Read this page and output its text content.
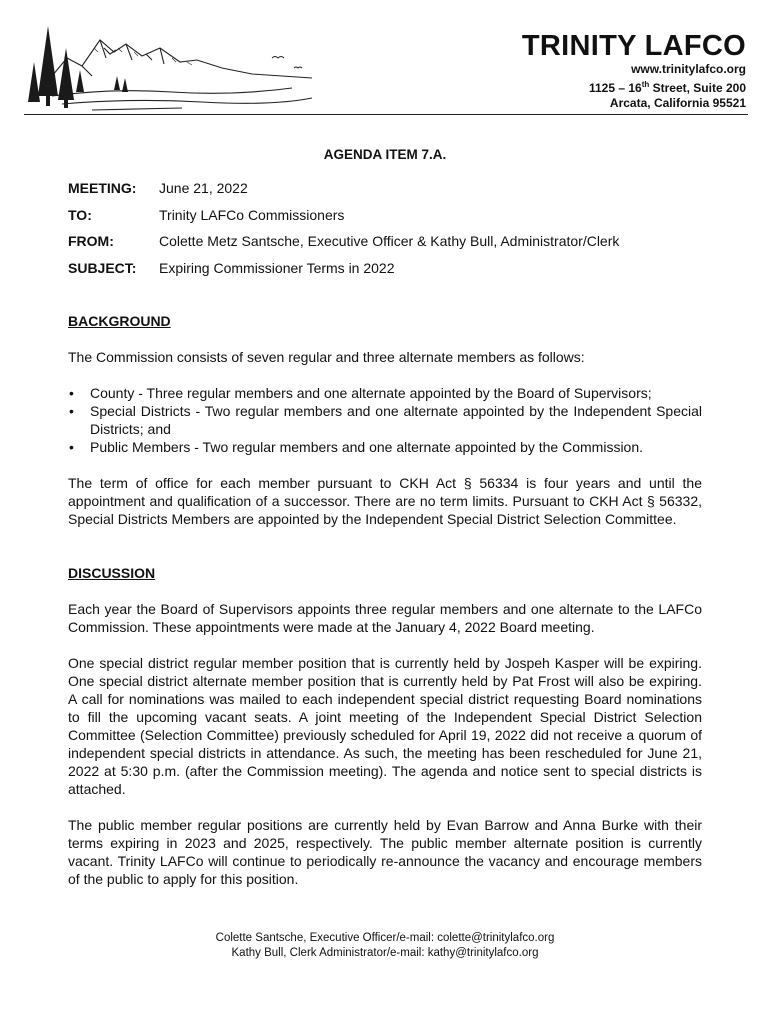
TRINITY LAFCO
www.trinitylafco.org
1125 – 16th Street, Suite 200
Arcata, California 95521
AGENDA ITEM 7.A.
MEETING:	June 21, 2022
TO:	Trinity LAFCo Commissioners
FROM:	Colette Metz Santsche, Executive Officer & Kathy Bull, Administrator/Clerk
SUBJECT:	Expiring Commissioner Terms in 2022
BACKGROUND
The Commission consists of seven regular and three alternate members as follows:
• County - Three regular members and one alternate appointed by the Board of Supervisors;
• Special Districts - Two regular members and one alternate appointed by the Independent Special Districts; and
• Public Members - Two regular members and one alternate appointed by the Commission.
The term of office for each member pursuant to CKH Act § 56334 is four years and until the appointment and qualification of a successor. There are no term limits. Pursuant to CKH Act § 56332, Special Districts Members are appointed by the Independent Special District Selection Committee.
DISCUSSION
Each year the Board of Supervisors appoints three regular members and one alternate to the LAFCo Commission. These appointments were made at the January 4, 2022 Board meeting.
One special district regular member position that is currently held by Jospeh Kasper will be expiring. One special district alternate member position that is currently held by Pat Frost will also be expiring. A call for nominations was mailed to each independent special district requesting Board nominations to fill the upcoming vacant seats. A joint meeting of the Independent Special District Selection Committee (Selection Committee) previously scheduled for April 19, 2022 did not receive a quorum of independent special districts in attendance. As such, the meeting has been rescheduled for June 21, 2022 at 5:30 p.m. (after the Commission meeting). The agenda and notice sent to special districts is attached.
The public member regular positions are currently held by Evan Barrow and Anna Burke with their terms expiring in 2023 and 2025, respectively. The public member alternate position is currently vacant. Trinity LAFCo will continue to periodically re-announce the vacancy and encourage members of the public to apply for this position.
Colette Santsche, Executive Officer/e-mail: colette@trinitylafco.org
Kathy Bull, Clerk Administrator/e-mail: kathy@trinitylafco.org
